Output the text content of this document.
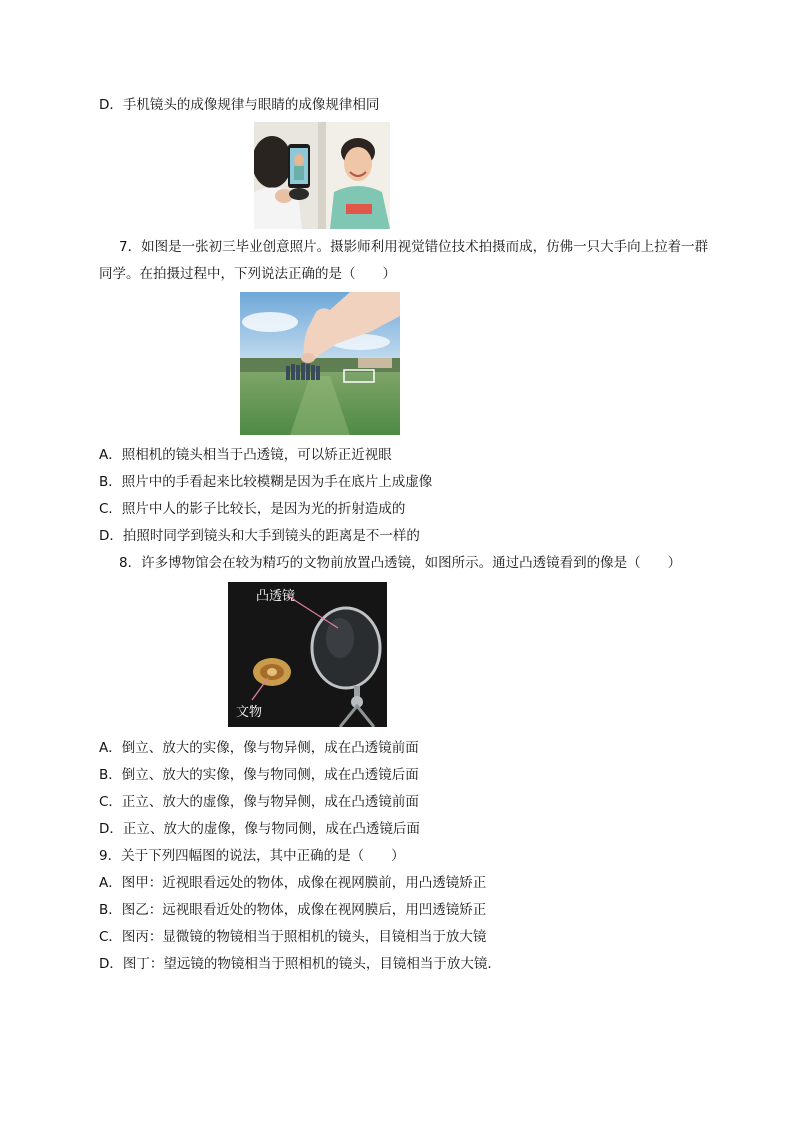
D．手机镜头的成像规律与眼睛的成像规律相同
7．如图是一张初三毕业创意照片。摄影师利用视觉错位技术拍摄而成，仿佛一只大手向上拉着一群
同学。在拍摄过程中，下列说法正确的是（　　）
A．照相机的镜头相当于凸透镜，可以矫正近视眼
B．照片中的手看起来比较模糊是因为手在底片上成虚像
C．照片中人的影子比较长，是因为光的折射造成的
D．拍照时同学到镜头和大手到镜头的距离是不一样的
8．许多博物馆会在较为精巧的文物前放置凸透镜，如图所示。通过凸透镜看到的像是（　　）
凸透镜
文物
A．倒立、放大的实像，像与物异侧，成在凸透镜前面
B．倒立、放大的实像，像与物同侧，成在凸透镜后面
C．正立、放大的虚像，像与物异侧，成在凸透镜前面
D．正立、放大的虚像，像与物同侧，成在凸透镜后面
9．关于下列四幅图的说法，其中正确的是（　　）
A．图甲：近视眼看远处的物体，成像在视网膜前，用凸透镜矫正
B．图乙：远视眼看近处的物体，成像在视网膜后，用凹透镜矫正
C．图丙：显微镜的物镜相当于照相机的镜头，目镜相当于放大镜
D．图丁：望远镜的物镜相当于照相机的镜头，目镜相当于放大镜.
